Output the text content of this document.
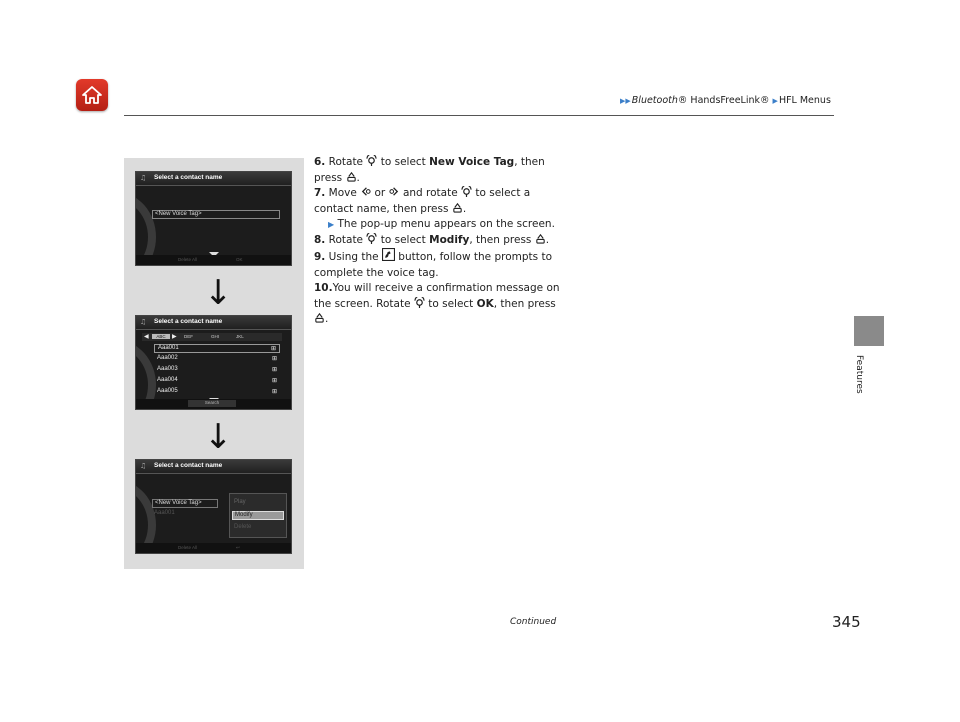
▶▶Bluetooth® HandsFreeLink® ▶HFL Menus
Features
♫ Select a contact name
<New Voice Tag>
Delete All	OK
↓
♫ Select a contact name
◀	ABC	▶ DEF	GHI	JKL
Aaa001	⊞
Aaa002	⊞
Aaa003	⊞
Aaa004	⊞
Aaa005	⊞
Search
↓
♫ Select a contact name
<New Voice Tag>
Aaa001
Play
Modify
Delete
Delete All	↩
6. Rotate  to select New Voice Tag, then press .
7. Move  or  and rotate  to select a contact name, then press .
▶ The pop-up menu appears on the screen.
8. Rotate  to select Modify, then press .
9. Using the  button, follow the prompts to complete the voice tag.
10.You will receive a confirmation message on the screen. Rotate  to select OK, then press .
Continued	345
